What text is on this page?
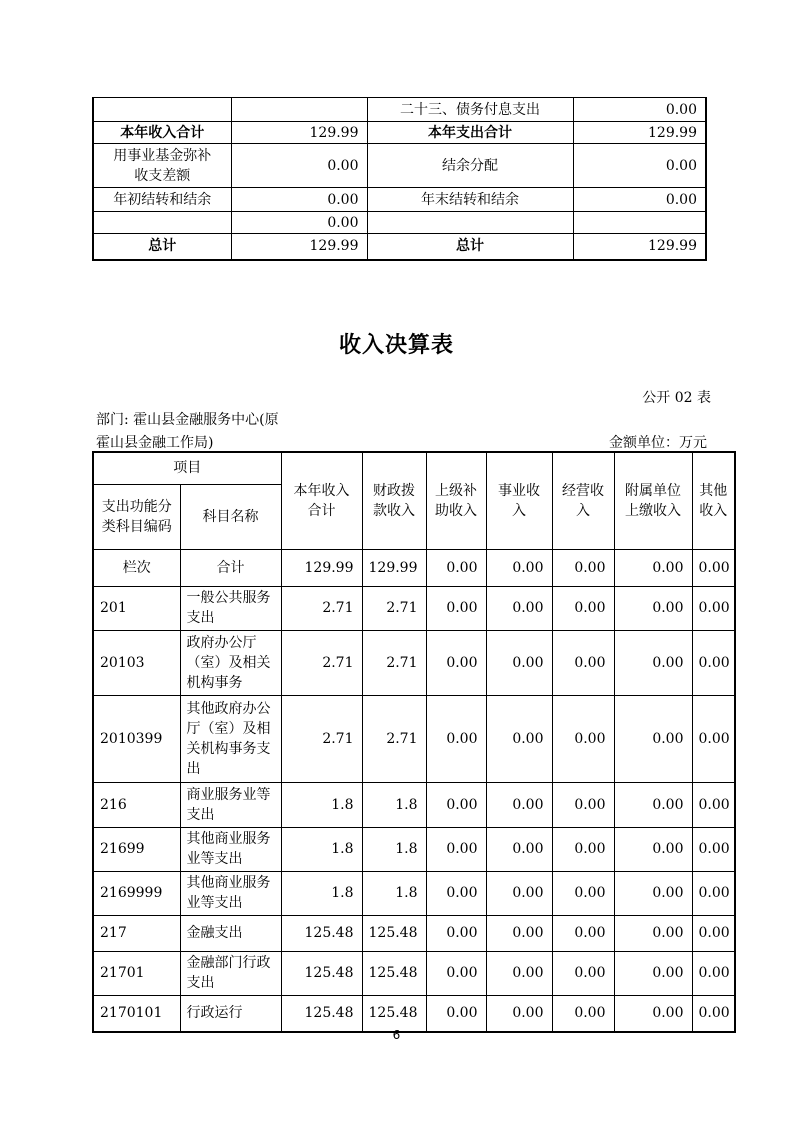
		二十三、债务付息支出	0.00
本年收入合计	129.99	本年支出合计	129.99
用事业基金弥补收支差额	0.00	结余分配	0.00
年初结转和结余	0.00	年末结转和结余	0.00
	0.00		
总计	129.99	总计	129.99
收入决算表
公开 02 表
部门: 霍山县金融服务中心(原
霍山县金融工作局)	金额单位：万元
项目		本年收入合计	财政拨款收入	上级补助收入	事业收入	经营收入	附属单位上缴收入	其他收入
支出功能分类科目编码	科目名称							
栏次	合计	129.99	129.99	0.00	0.00	0.00	0.00	0.00
201	一般公共服务支出	2.71	2.71	0.00	0.00	0.00	0.00	0.00
20103	政府办公厅（室）及相关机构事务	2.71	2.71	0.00	0.00	0.00	0.00	0.00
2010399	其他政府办公厅（室）及相关机构事务支出	2.71	2.71	0.00	0.00	0.00	0.00	0.00
216	商业服务业等支出	1.8	1.8	0.00	0.00	0.00	0.00	0.00
21699	其他商业服务业等支出	1.8	1.8	0.00	0.00	0.00	0.00	0.00
2169999	其他商业服务业等支出	1.8	1.8	0.00	0.00	0.00	0.00	0.00
217	金融支出	125.48	125.48	0.00	0.00	0.00	0.00	0.00
21701	金融部门行政支出	125.48	125.48	0.00	0.00	0.00	0.00	0.00
2170101	行政运行	125.48	125.48	0.00	0.00	0.00	0.00	0.00
6
